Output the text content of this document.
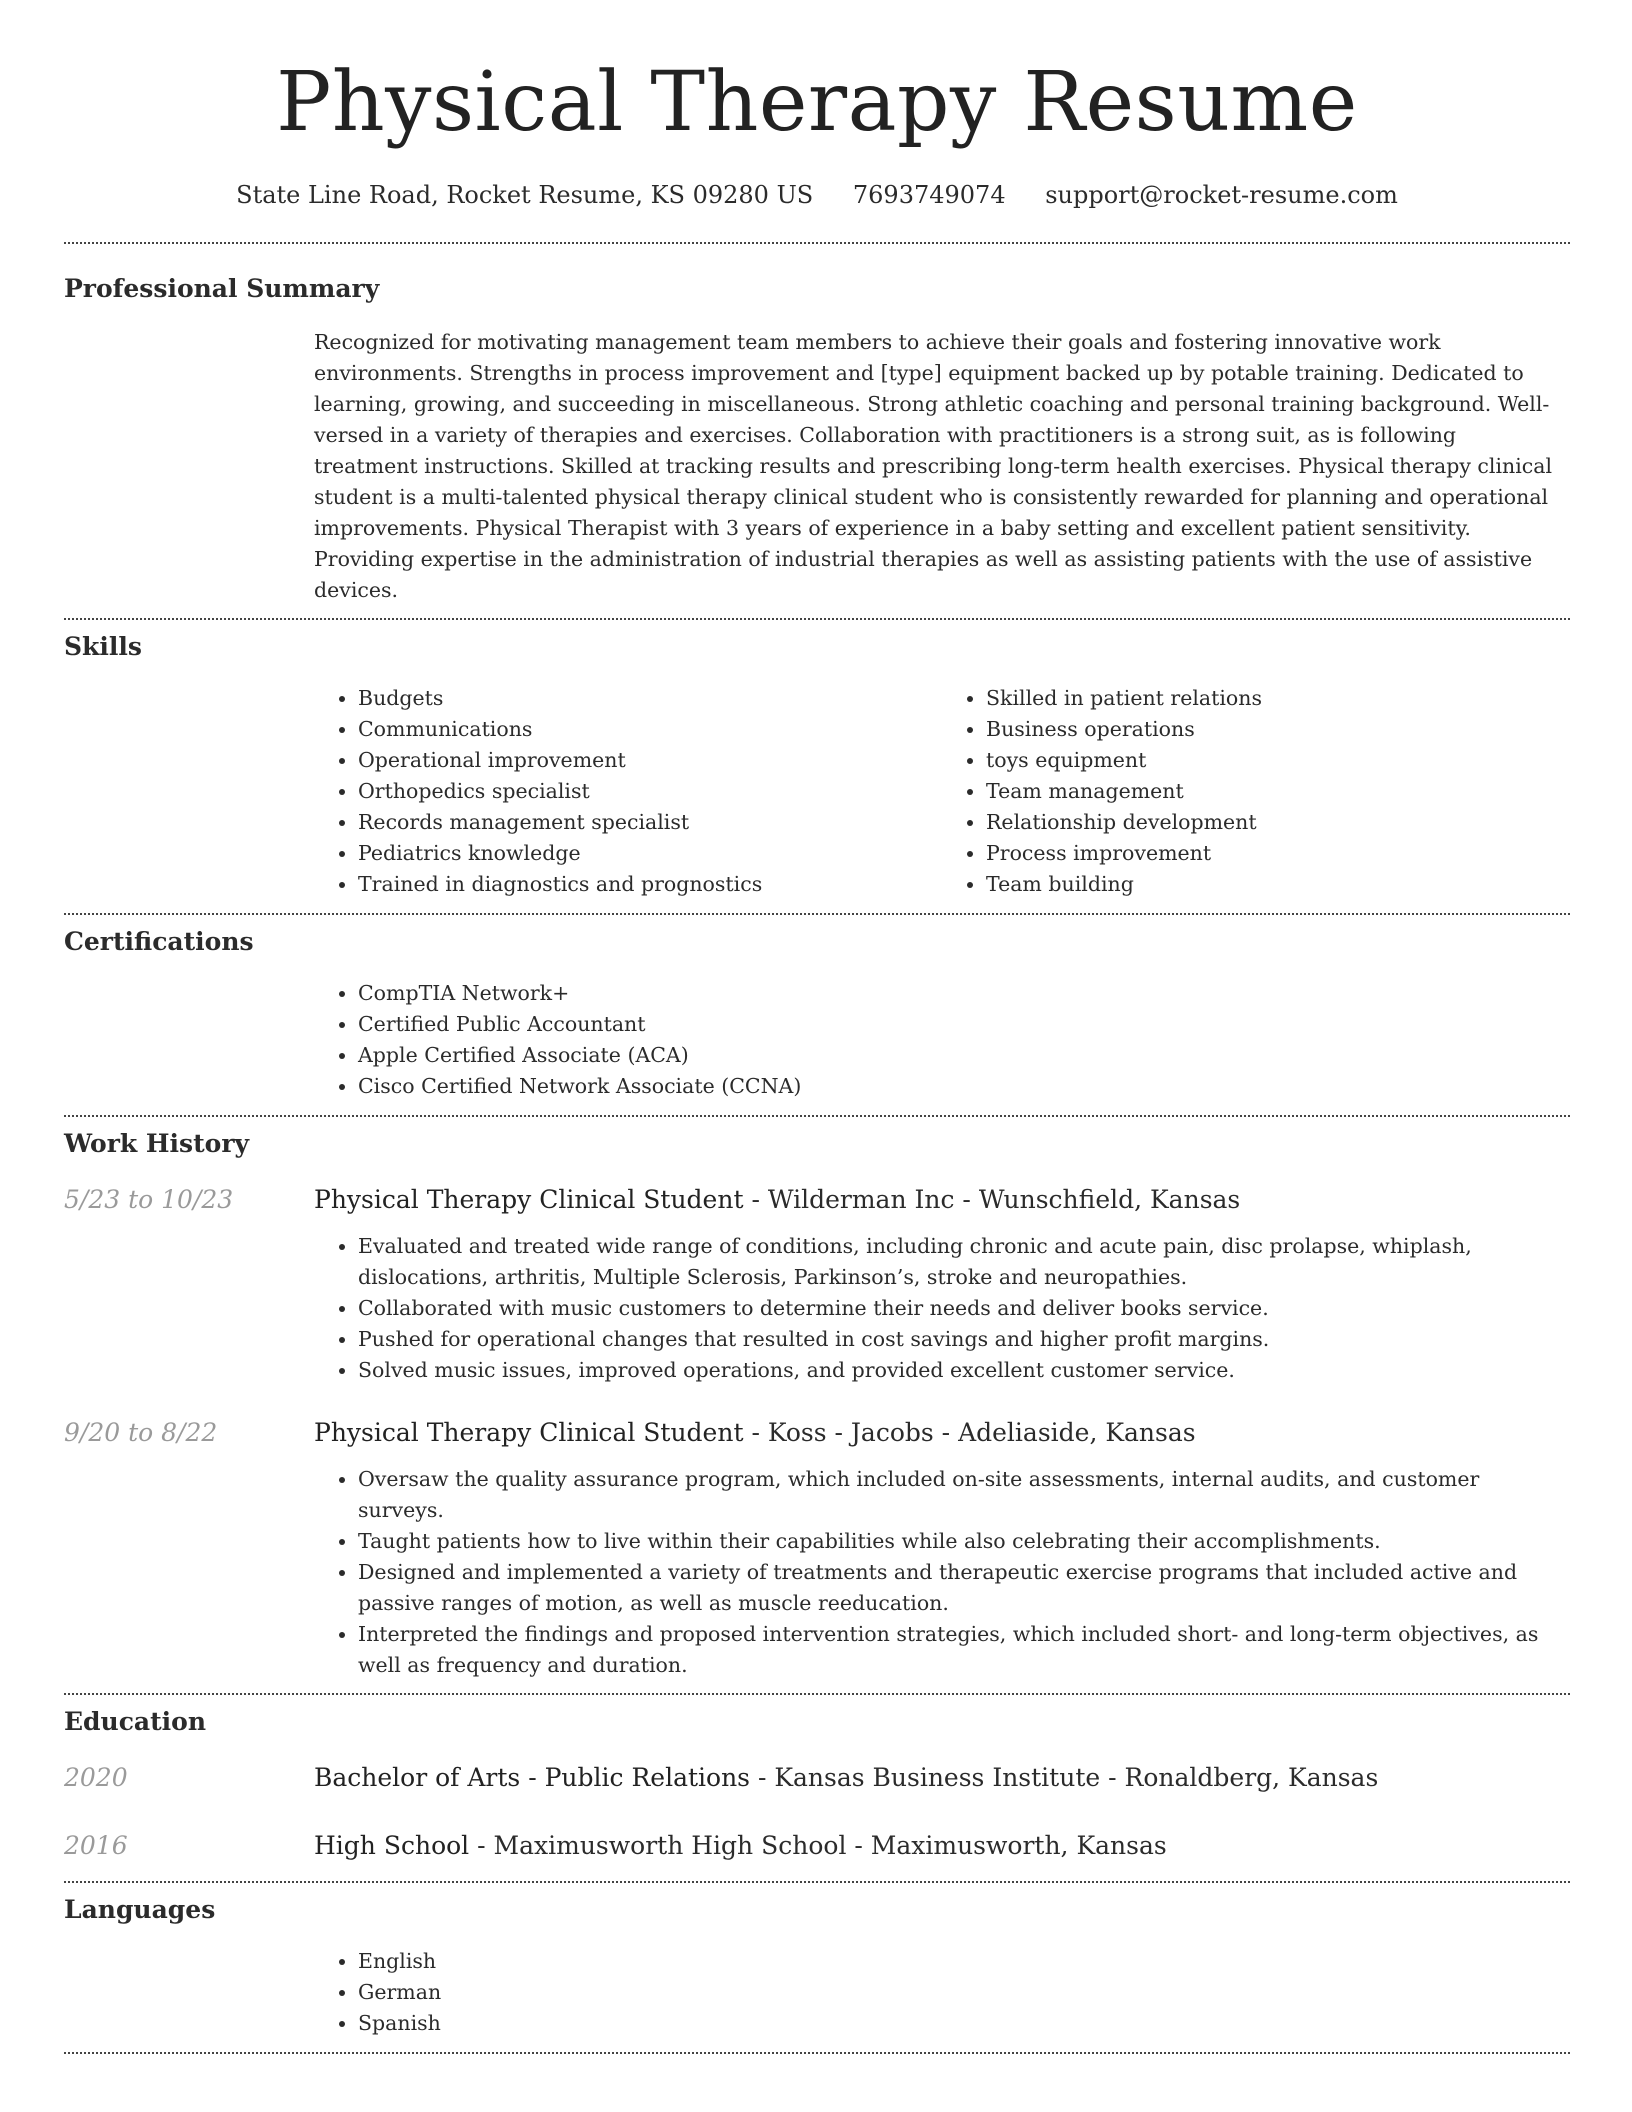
Physical Therapy Resume
State Line Road, Rocket Resume, KS 09280 US 7693749074 support@rocket-resume.com
Professional Summary
Recognized for motivating management team members to achieve their goals and fostering innovative work environments. Strengths in process improvement and [type] equipment backed up by potable training. Dedicated to learning, growing, and succeeding in miscellaneous. Strong athletic coaching and personal training background. Well-versed in a variety of therapies and exercises. Collaboration with practitioners is a strong suit, as is following treatment instructions. Skilled at tracking results and prescribing long-term health exercises. Physical therapy clinical student is a multi-talented physical therapy clinical student who is consistently rewarded for planning and operational improvements. Physical Therapist with 3 years of experience in a baby setting and excellent patient sensitivity. Providing expertise in the administration of industrial therapies as well as assisting patients with the use of assistive devices.
Skills
• Budgets
• Communications
• Operational improvement
• Orthopedics specialist
• Records management specialist
• Pediatrics knowledge
• Trained in diagnostics and prognostics
• Skilled in patient relations
• Business operations
• toys equipment
• Team management
• Relationship development
• Process improvement
• Team building
Certifications
• CompTIA Network+
• Certified Public Accountant
• Apple Certified Associate (ACA)
• Cisco Certified Network Associate (CCNA)
Work History
5/23 to 10/23	Physical Therapy Clinical Student - Wilderman Inc - Wunschfield, Kansas
• Evaluated and treated wide range of conditions, including chronic and acute pain, disc prolapse, whiplash, dislocations, arthritis, Multiple Sclerosis, Parkinson’s, stroke and neuropathies.
• Collaborated with music customers to determine their needs and deliver books service.
• Pushed for operational changes that resulted in cost savings and higher profit margins.
• Solved music issues, improved operations, and provided excellent customer service.
9/20 to 8/22	Physical Therapy Clinical Student - Koss - Jacobs - Adeliaside, Kansas
• Oversaw the quality assurance program, which included on-site assessments, internal audits, and customer surveys.
• Taught patients how to live within their capabilities while also celebrating their accomplishments.
• Designed and implemented a variety of treatments and therapeutic exercise programs that included active and passive ranges of motion, as well as muscle reeducation.
• Interpreted the findings and proposed intervention strategies, which included short- and long-term objectives, as well as frequency and duration.
Education
2020	Bachelor of Arts - Public Relations - Kansas Business Institute - Ronaldberg, Kansas
2016	High School - Maximusworth High School - Maximusworth, Kansas
Languages
• English
• German
• Spanish
